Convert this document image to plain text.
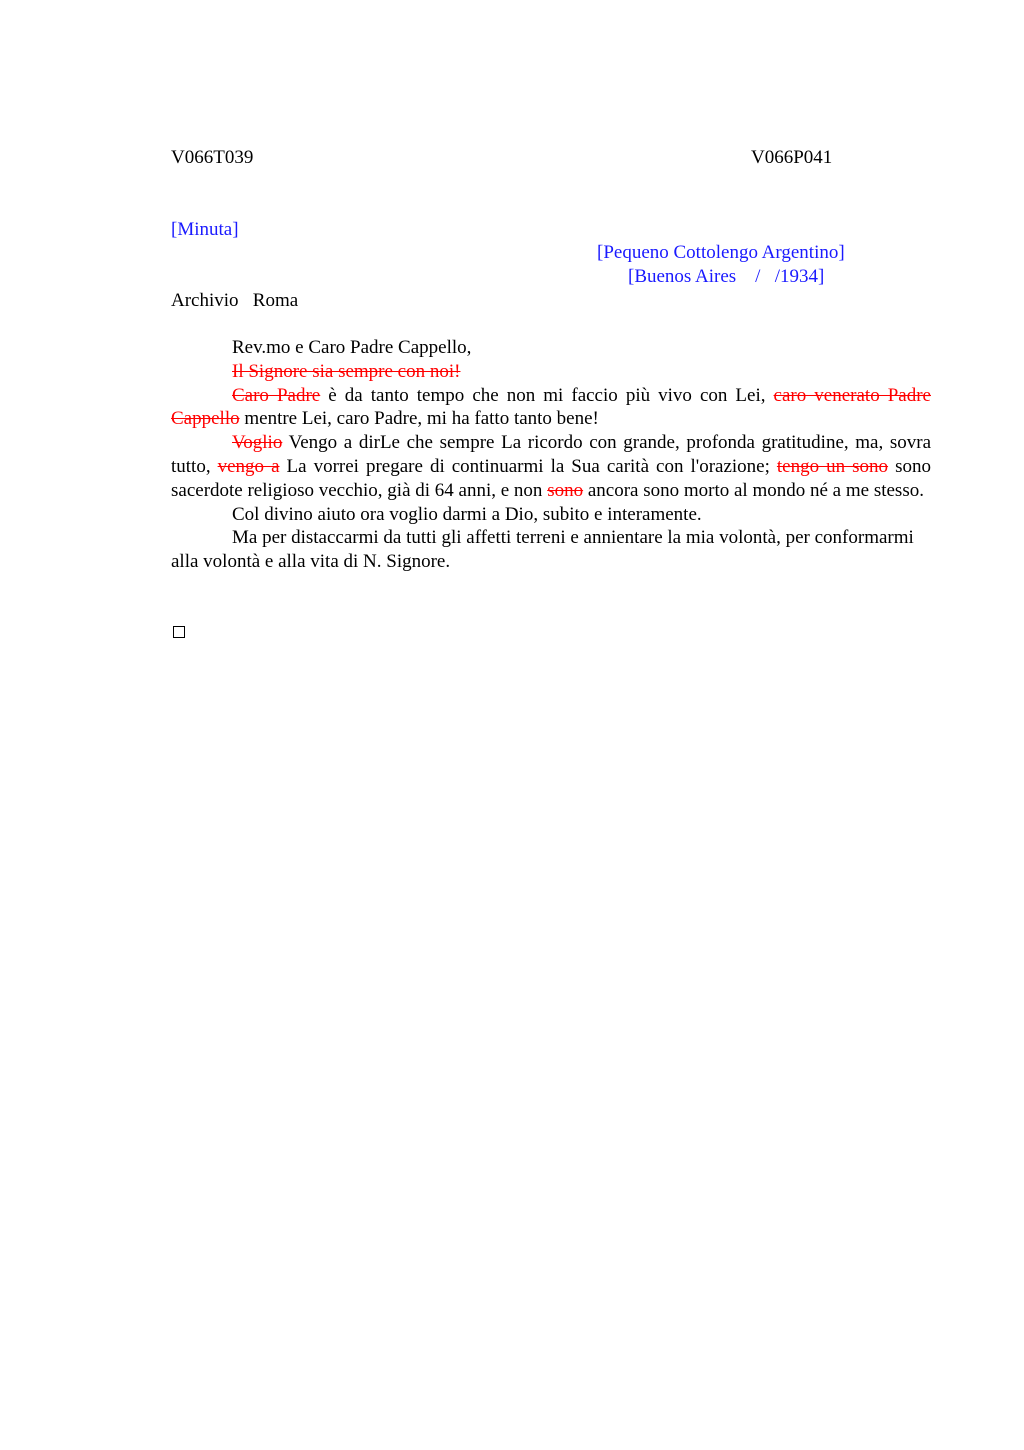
V066T039	V066P041
[Minuta]
[Pequeno Cottolengo Argentino]
[Buenos Aires    /   /1934]
Archivio   Roma

Rev.mo e Caro Padre Cappello,

Il Signore sia sempre con noi!

Caro Padre è da tanto tempo che non mi faccio più vivo con Lei, caro venerato Padre Cappello mentre Lei, caro Padre, mi ha fatto tanto bene!

Voglio Vengo a dirLe che sempre La ricordo con grande, profonda gratitudine, ma, sovra tutto, vengo a La vorrei pregare di continuarmi la Sua carità con l'orazione; tengo un sono sono sacerdote religioso vecchio, già di 64 anni, e non sono ancora sono morto al mondo né a me stesso.

Col divino aiuto ora voglio darmi a Dio, subito e interamente.

Ma per distaccarmi da tutti gli affetti terreni e annientare la mia volontà, per conformarmi alla volontà e alla vita di N. Signore.
